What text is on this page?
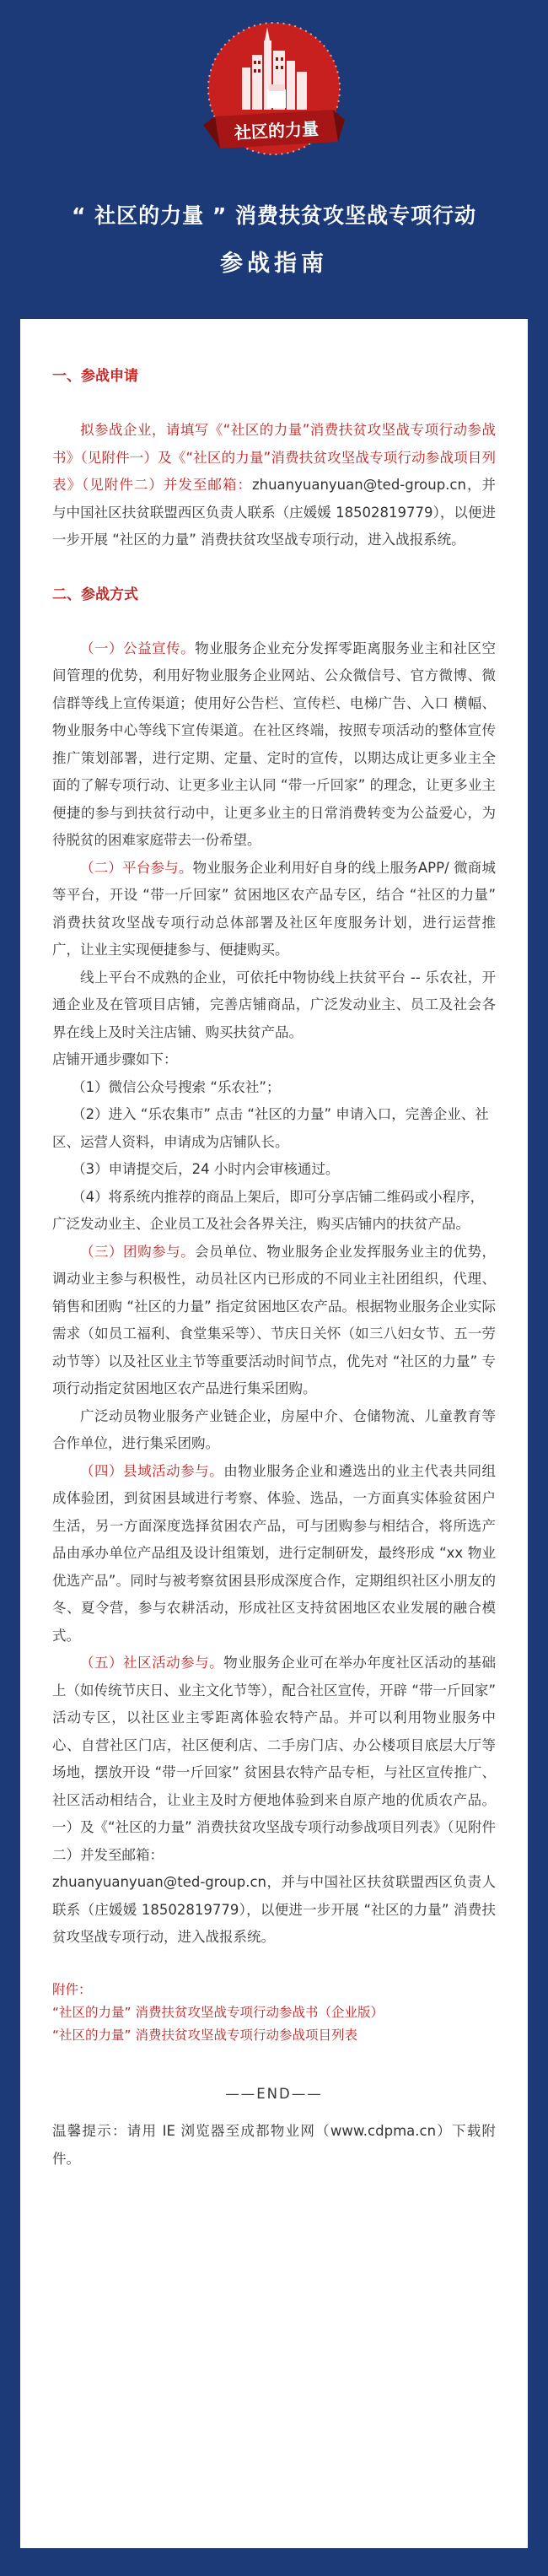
社区的力量
“ 社区的力量 ” 消费扶贫攻坚战专项行动
参战指南

一、参战申请

拟参战企业，请填写《“社区的力量”消费扶贫攻坚战专项行动参战书》（见附件一）及《“社区的力量”消费扶贫攻坚战专项行动参战项目列表》（见附件二）并发至邮箱：zhuanyuanyuan@ted-group.cn，并与中国社区扶贫联盟西区负责人联系（庄媛媛 18502819779），以便进一步开展 “社区的力量” 消费扶贫攻坚战专项行动，进入战报系统。

二、参战方式

（一）公益宣传。物业服务企业充分发挥零距离服务业主和社区空间管理的优势，利用好物业服务企业网站、公众微信号、官方微博、微信群等线上宣传渠道；使用好公告栏、宣传栏、电梯广告、入口 横幅、物业服务中心等线下宣传渠道。在社区终端，按照专项活动的整体宣传推广策划部署，进行定期、定量、定时的宣传，以期达成让更多业主全面的了解专项行动、让更多业主认同 “带一斤回家” 的理念，让更多业主便捷的参与到扶贫行动中，让更多业主的日常消费转变为公益爱心，为待脱贫的困难家庭带去一份希望。

（二）平台参与。物业服务企业利用好自身的线上服务APP/ 微商城等平台，开设 “带一斤回家” 贫困地区农产品专区，结合 “社区的力量” 消费扶贫攻坚战专项行动总体部署及社区年度服务计划，进行运营推广，让业主实现便捷参与、便捷购买。

线上平台不成熟的企业，可依托中物协线上扶贫平台 -- 乐农社，开通企业及在管项目店铺，完善店铺商品，广泛发动业主、员工及社会各界在线上及时关注店铺、购买扶贫产品。

店铺开通步骤如下：

（1）微信公众号搜索 “乐农社”；

（2）进入 “乐农集市” 点击 “社区的力量” 申请入口，完善企业、社区、运营人资料，申请成为店铺队长。

（3）申请提交后，24 小时内会审核通过。

（4）将系统内推荐的商品上架后，即可分享店铺二维码或小程序，广泛发动业主、企业员工及社会各界关注，购买店铺内的扶贫产品。

（三）团购参与。会员单位、物业服务企业发挥服务业主的优势，调动业主参与积极性，动员社区内已形成的不同业主社团组织，代理、销售和团购 “社区的力量” 指定贫困地区农产品。根据物业服务企业实际需求（如员工福利、食堂集采等）、节庆日关怀（如三八妇女节、五一劳动节等）以及社区业主节等重要活动时间节点，优先对 “社区的力量” 专项行动指定贫困地区农产品进行集采团购。

广泛动员物业服务产业链企业，房屋中介、仓储物流、儿童教育等合作单位，进行集采团购。

（四）县域活动参与。由物业服务企业和遴选出的业主代表共同组成体验团，到贫困县域进行考察、体验、选品，一方面真实体验贫困户生活，另一方面深度选择贫困农产品，可与团购参与相结合，将所选产品由承办单位产品组及设计组策划，进行定制研发，最终形成 “xx 物业优选产品”。同时与被考察贫困县形成深度合作，定期组织社区小朋友的冬、夏令营，参与农耕活动，形成社区支持贫困地区农业发展的融合模式。

（五）社区活动参与。物业服务企业可在举办年度社区活动的基础上（如传统节庆日、业主文化节等），配合社区宣传，开辟 “带一斤回家” 活动专区，以社区业主零距离体验农特产品。并可以利用物业服务中心、自营社区门店，社区便利店、二手房门店、办公楼项目底层大厅等场地，摆放开设 “带一斤回家” 贫困县农特产品专柜，与社区宣传推广、社区活动相结合，让业主及时方便地体验到来自原产地的优质农产品。一）及《“社区的力量” 消费扶贫攻坚战专项行动参战项目列表》（见附件二）并发至邮箱：

zhuanyuanyuan@ted-group.cn，并与中国社区扶贫联盟西区负责人联系（庄媛媛 18502819779），以便进一步开展 “社区的力量” 消费扶贫攻坚战专项行动，进入战报系统。

附件：
“社区的力量” 消费扶贫攻坚战专项行动参战书（企业版）
“社区的力量” 消费扶贫攻坚战专项行动参战项目列表
——END——

温馨提示：请用 IE 浏览器至成都物业网（www.cdpma.cn）下载附件。
